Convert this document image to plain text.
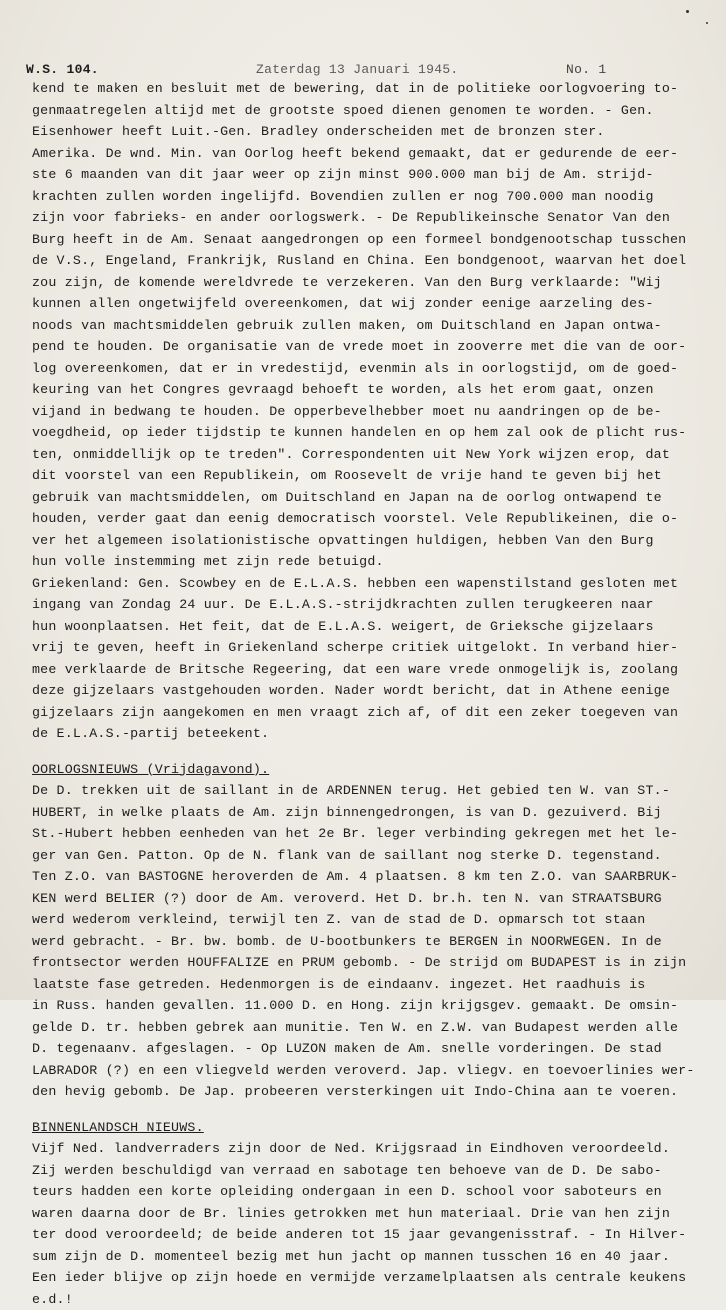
W.S. 104.	Zaterdag 13 Januari 1945.	No. 1

kend te maken en besluit met de bewering, dat in de politieke oorlogvoering to-

genmaatregelen altijd met de grootste spoed dienen genomen te worden. - Gen.

Eisenhower heeft Luit.-Gen. Bradley onderscheiden met de bronzen ster.

Amerika. De wnd. Min. van Oorlog heeft bekend gemaakt, dat er gedurende de eer-

ste 6 maanden van dit jaar weer op zijn minst 900.000 man bij de Am. strijd-

krachten zullen worden ingelijfd. Bovendien zullen er nog 700.000 man noodig

zijn voor fabrieks- en ander oorlogswerk. - De Republikeinsche Senator Van den

Burg heeft in de Am. Senaat aangedrongen op een formeel bondgenootschap tusschen

de V.S., Engeland, Frankrijk, Rusland en China. Een bondgenoot, waarvan het doel

zou zijn, de komende wereldvrede te verzekeren. Van den Burg verklaarde: "Wij

kunnen allen ongetwijfeld overeenkomen, dat wij zonder eenige aarzeling des-

noods van machtsmiddelen gebruik zullen maken, om Duitschland en Japan ontwa-

pend te houden. De organisatie van de vrede moet in zooverre met die van de oor-

log overeenkomen, dat er in vredestijd, evenmin als in oorlogstijd, om de goed-

keuring van het Congres gevraagd behoeft te worden, als het erom gaat, onzen

vijand in bedwang te houden. De opperbevelhebber moet nu aandringen op de be-

voegdheid, op ieder tijdstip te kunnen handelen en op hem zal ook de plicht rus-

ten, onmiddellijk op te treden". Correspondenten uit New York wijzen erop, dat

dit voorstel van een Republikein, om Roosevelt de vrije hand te geven bij het

gebruik van machtsmiddelen, om Duitschland en Japan na de oorlog ontwapend te

houden, verder gaat dan eenig democratisch voorstel. Vele Republikeinen, die o-

ver het algemeen isolationistische opvattingen huldigen, hebben Van den Burg

hun volle instemming met zijn rede betuigd.

Griekenland: Gen. Scowbey en de E.L.A.S. hebben een wapenstilstand gesloten met

ingang van Zondag 24 uur. De E.L.A.S.-strijdkrachten zullen terugkeeren naar

hun woonplaatsen. Het feit, dat de E.L.A.S. weigert, de Grieksche gijzelaars

vrij te geven, heeft in Griekenland scherpe critiek uitgelokt. In verband hier-

mee verklaarde de Britsche Regeering, dat een ware vrede onmogelijk is, zoolang

deze gijzelaars vastgehouden worden. Nader wordt bericht, dat in Athene eenige

gijzelaars zijn aangekomen en men vraagt zich af, of dit een zeker toegeven van

de E.L.A.S.-partij beteekent.

OORLOGSNIEUWS (Vrijdagavond).

De D. trekken uit de saillant in de ARDENNEN terug. Het gebied ten W. van ST.-

HUBERT, in welke plaats de Am. zijn binnengedrongen, is van D. gezuiverd. Bij

St.-Hubert hebben eenheden van het 2e Br. leger verbinding gekregen met het le-

ger van Gen. Patton. Op de N. flank van de saillant nog sterke D. tegenstand.

Ten Z.O. van BASTOGNE heroverden de Am. 4 plaatsen. 8 km ten Z.O. van SAARBRUK-

KEN werd BELIER (?) door de Am. veroverd. Het D. br.h. ten N. van STRAATSBURG

werd wederom verkleind, terwijl ten Z. van de stad de D. opmarsch tot staan

werd gebracht. - Br. bw. bomb. de U-bootbunkers te BERGEN in NOORWEGEN. In de

frontsector werden HOUFFALIZE en PRUM gebomb. - De strijd om BUDAPEST is in zijn

laatste fase getreden. Hedenmorgen is de eindaanv. ingezet. Het raadhuis is

in Russ. handen gevallen. 11.000 D. en Hong. zijn krijgsgev. gemaakt. De omsin-

gelde D. tr. hebben gebrek aan munitie. Ten W. en Z.W. van Budapest werden alle

D. tegenaanv. afgeslagen. - Op LUZON maken de Am. snelle vorderingen. De stad

LABRADOR (?) en een vliegveld werden veroverd. Jap. vliegv. en toevoerlinies wer-

den hevig gebomb. De Jap. probeeren versterkingen uit Indo-China aan te voeren.

BINNENLANDSCH NIEUWS.

Vijf Ned. landverraders zijn door de Ned. Krijgsraad in Eindhoven veroordeeld.

Zij werden beschuldigd van verraad en sabotage ten behoeve van de D. De sabo-

teurs hadden een korte opleiding ondergaan in een D. school voor saboteurs en

waren daarna door de Br. linies getrokken met hun materiaal. Drie van hen zijn

ter dood veroordeeld; de beide anderen tot 15 jaar gevangenisstraf. - In Hilver-

sum zijn de D. momenteel bezig met hun jacht op mannen tusschen 16 en 40 jaar.

Een ieder blijve op zijn hoede en vermijde verzamelplaatsen als centrale keukens

e.d.!
